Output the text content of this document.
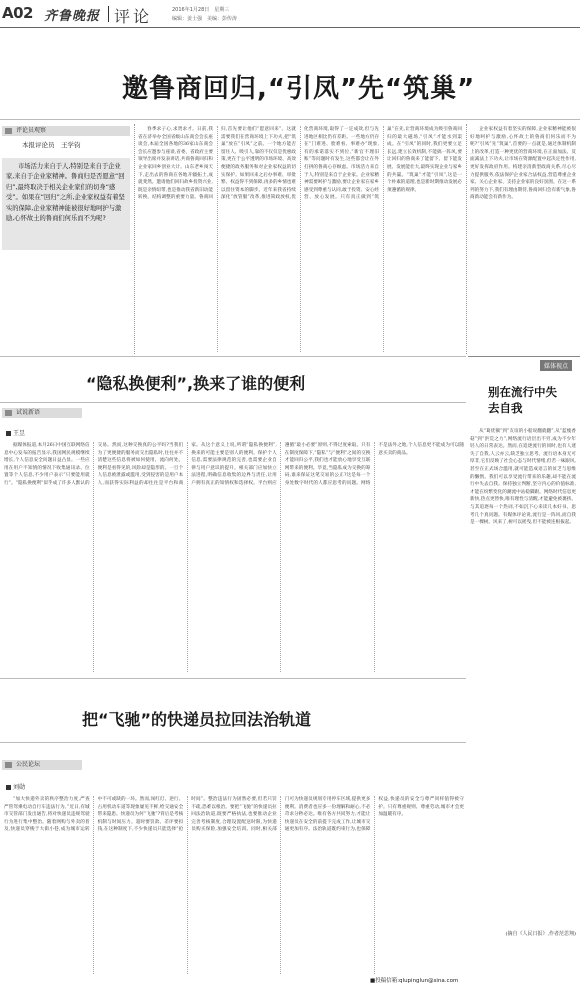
A02 齐鲁晚报 评论	2016年1月28日　星期三
编辑：姜士强　美编：彭传涛
邀鲁商回归,“引凤”先“筑巢”
评论员观察
本报评论员　王学钧
市场活力来自于人,特别是来自于企业家,来自于企业家精神。鲁商归是否愿意“回归”,最终取决于相关企业家们的切身“感受”。如果在“回归”之所,企业家权益有着坚实的保障,企业家精神能被很好地呵护与激励,心怀故土的鲁商们何乐而不为呢?
春季求子心,求贤求才。日前,我省在济举办全国省级山东商会会长座谈会,本届全国各地的36家山东商会会长应邀参与座谈,省委、省政府主要领导出席并发表讲话,共商鲁商回归和企业家回乡创业大计。山东老乡闯天下,走出去的鲁商在各地开疆拓土,成就斐然。邀请他们回归故乡投资兴业,既是亲情纽带,也是推动我省新旧动能转换、结构调整的重要力量。鲁商回归,首先要让他们“愿意回来”。这就需要我们在营商环境上下功夫,把“筑巢”放在“引凤”之前。一个地方能否留住人、吸引人,靠的不仅仅是优惠政策,更在于公平透明的市场环境、高效便捷的政务服务和对企业家权益的切实保护。如果回来之后办事难、审批繁、权益得不到保障,再多的乡情也难以留住资本的脚步。近年来我省持续深化“放管服”改革,推进简政放权,优化营商环境,取得了一定成效,但与先进地区相比仍有差距。一些地方仍存在“门难进、脸难看、事难办”现象,有的承诺落实不到位,“新官不理旧账”等问题时有发生,这些都会让在外打拼的鲁商心存顾虑。市场活力来自于人,特别是来自于企业家。企业家精神需要呵护与激励,要让企业家在家乡感受到尊重与认同,敢于投资、安心经营、放心发展。只有真正做到“筑巢”在先,让营商环境成为吸引鲁商回归的最大磁场,“引凤”才能水到渠成。在“引凤”的同时,我们更要立足长远,建立长效机制,不能搞一阵风,要让回归的鲁商来了能留下、留下能发展、发展能壮大,最终实现企业与家乡的共赢。“筑巢”才能“引凤”,这是一个朴素的道理,也是新时期推动发展必须遵循的规律。
企业家权益有着坚实的保障,企业家精神能被很好地呵护与激励,心怀故土的鲁商们何乐而不为呢?“引凤”先“筑巢”,首要的一点就是,通过体制机制上的改革,打造一种更优的营商环境,在正面加法、反面减法上下功夫,让市场在资源配置中起决定性作用,更好发挥政府作用。构建亲清新型政商关系,尽心尽力提供服务,依法保护企业家合法权益,营造尊重企业家、关心企业家、支持企业家的良好氛围。在这一系列的努力下,我们有理由期待,鲁商回归会有新气象,鲁商新动能会有新作为。
媒体视点
别在流行中失去自我
从“葛优躺”到“友谊的小船说翻就翻”,从“蓝瘦香菇”到“洪荒之力”,网络流行语层出不穷,成为不少年轻人的日常表达。然而,在追逐流行的同时,也有人迷失了自我,人云亦云,缺乏独立思考。流行语本身无可厚非,它们反映了社会心态与时代情绪,但若一味跟风,甚至在正式场合滥用,就可能造成语言的贫乏与思维的懒惰。我们可以享受流行带来的乐趣,却不能在流行中失去自我。保持独立判断,坚守内心的价值标准,才能在纷繁变化的潮流中站稳脚跟。网络时代信息更新快,热点更替快,唯有理性与清醒,才能避免被裹挟。与其追逐每一个热词,不如沉下心来读几本好书、思考几个真问题。有媒体评论说,流行是一阵风,而自我是一棵树。风来了,树可以摇曳,但不能被连根拔起。
(摘自《人民日报》,作者范思翔)
“隐私换便利”,换来了谁的便利
试说新语
王昱
据媒体报道,本月26日中国互联网络信息中心发布的报告显示,我国网民规模继续增长,个人信息安全问题日益凸显。一些应用在用户不知情的情况下收集通讯录、位置等个人信息,不少用户表示“只要能用就行”。“隐私换便利”似乎成了许多人默认的交易。然而,这种交换真的公平吗?当我们为了更便捷的服务而交出隐私时,往往并不清楚这些信息将被如何使用、流向何处。便利是看得见的,风险却是隐形的。一旦个人信息被泄露或滥用,受到侵害的是用户本人,而获得实际利益的却往往是平台和商家。从这个意义上说,所谓“隐私换便利”,换来的可能主要是别人的便利。保护个人信息,需要法律规范的完善,也需要企业自律与用户意识的提升。相关部门应加快立法进程,明确信息收集的边界与责任,让用户拥有真正的知情权和选择权。平台则应遵循“最小必要”原则,不得过度索取。只有在制度保障下,“隐私”与“便利”之间的交换才能回归公平,我们也才能放心地享受互联网带来的便利。毕竟,当隐私成为交换的筹码,谁来保证这笔交易的公正?这是每一个身处数字时代的人都应思考的问题。网络不是法外之地,个人信息更不能成为可以随意买卖的商品。
把“飞驰”的快递员拉回法治轨道
公民论坛
刘勋
“加大快递外卖的秩序整治力度,严查严管驾乘电动自行车违法行为。”近日,有城市交管部门发出通告,将对快递员违规驾驶行为进行集中整治。随着网购与外卖的普及,快递员穿梭于大街小巷,成为城市运转中不可或缺的一环。然而,闯红灯、逆行、占用机动车道等现象屡见不鲜,给交通安全带来隐患。快递员为何“飞驰”?背后是考核机制与时间压力。超时要罚款、差评要扣钱,在这种制度下,不少快递员只能选择“抢时间”。整治违法行为固然必要,但若只罚不疏,恐难以根治。要把“飞驰”的快递员拉回法治轨道,既要严格执法,也要推动企业完善考核制度,合理设置配送时限,为快递员购买保险,加强安全培训。同时,相关部门可为快递员规划专用停车区域,提供更多便利。消费者也应多一份理解和耐心,不必苛求分秒必达。唯有各方共同努力,才能让快递员在安全的前提下完成工作,让城市交通更加有序。法治轨道既约束行为,也保障权益,快递员的安全与尊严同样值得被守护。只有尊重规则、尊重劳动,城市才会更加温暖有序。
■投稿信箱:qlupinglun@sina.com
